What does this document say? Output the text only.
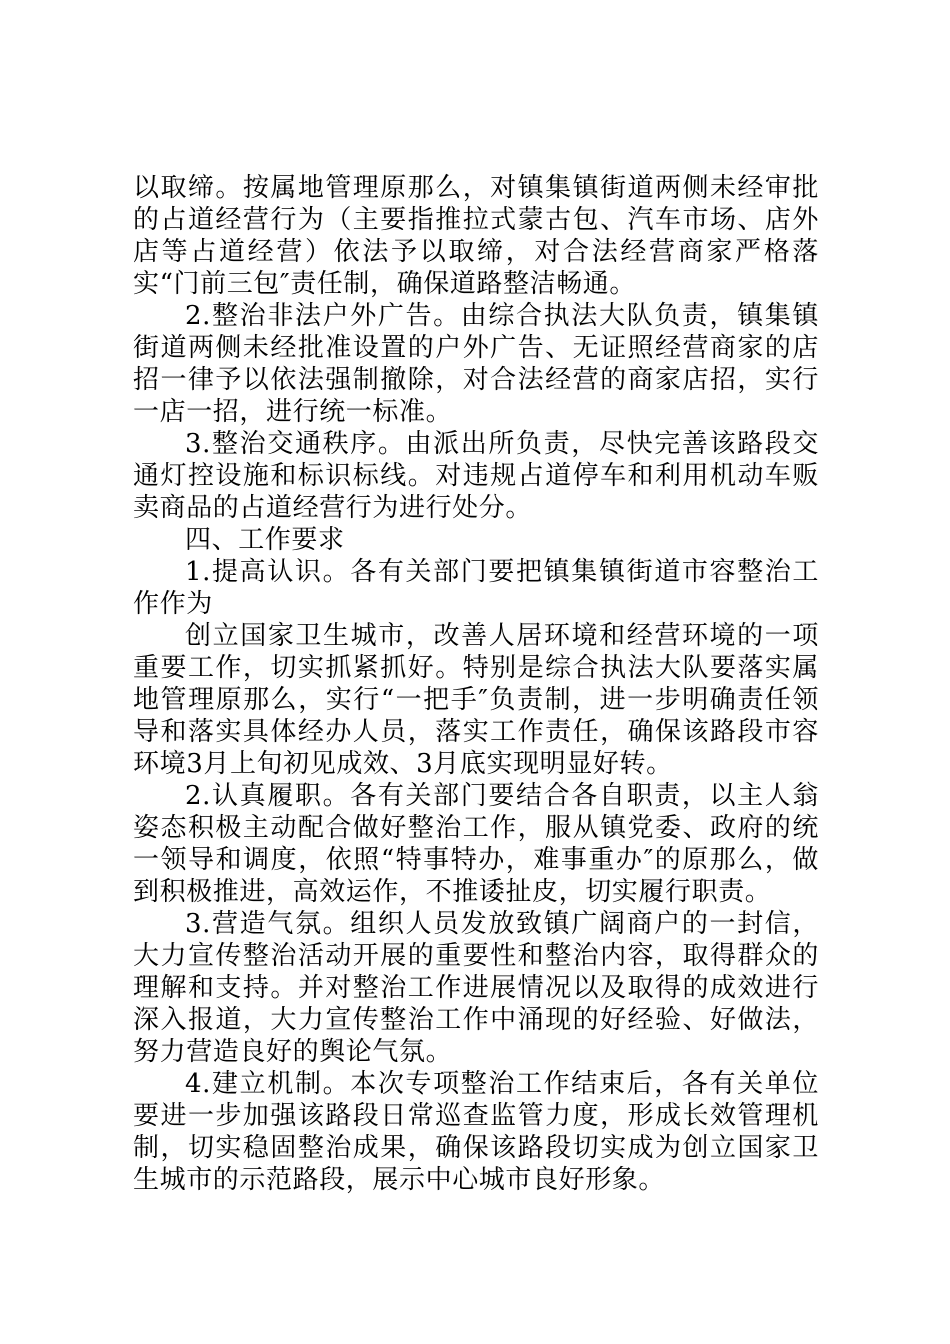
以取缔。按属地管理原那么，对镇集镇街道两侧未经审批的占道经营行为（主要指推拉式蒙古包、汽车市场、店外店等占道经营）依法予以取缔，对合法经营商家严格落实“门前三包″责任制，确保道路整洁畅通。

2.整治非法户外广告。由综合执法大队负责，镇集镇街道两侧未经批准设置的户外广告、无证照经营商家的店招一律予以依法强制撤除，对合法经营的商家店招，实行一店一招，进行统一标准。

3.整治交通秩序。由派出所负责，尽快完善该路段交通灯控设施和标识标线。对违规占道停车和利用机动车贩卖商品的占道经营行为进行处分。

四、工作要求

1.提高认识。各有关部门要把镇集镇街道市容整治工作作为

创立国家卫生城市，改善人居环境和经营环境的一项重要工作，切实抓紧抓好。特别是综合执法大队要落实属地管理原那么，实行“一把手″负责制，进一步明确责任领导和落实具体经办人员，落实工作责任，确保该路段市容环境3月上旬初见成效、3月底实现明显好转。

2.认真履职。各有关部门要结合各自职责，以主人翁姿态积极主动配合做好整治工作，服从镇党委、政府的统一领导和调度，依照“特事特办，难事重办″的原那么，做到积极推进，高效运作，不推诿扯皮，切实履行职责。

3.营造气氛。组织人员发放致镇广阔商户的一封信，大力宣传整治活动开展的重要性和整治内容，取得群众的理解和支持。并对整治工作进展情况以及取得的成效进行深入报道，大力宣传整治工作中涌现的好经验、好做法，努力营造良好的舆论气氛。

4.建立机制。本次专项整治工作结束后，各有关单位要进一步加强该路段日常巡查监管力度，形成长效管理机制，切实稳固整治成果，确保该路段切实成为创立国家卫生城市的示范路段，展示中心城市良好形象。
